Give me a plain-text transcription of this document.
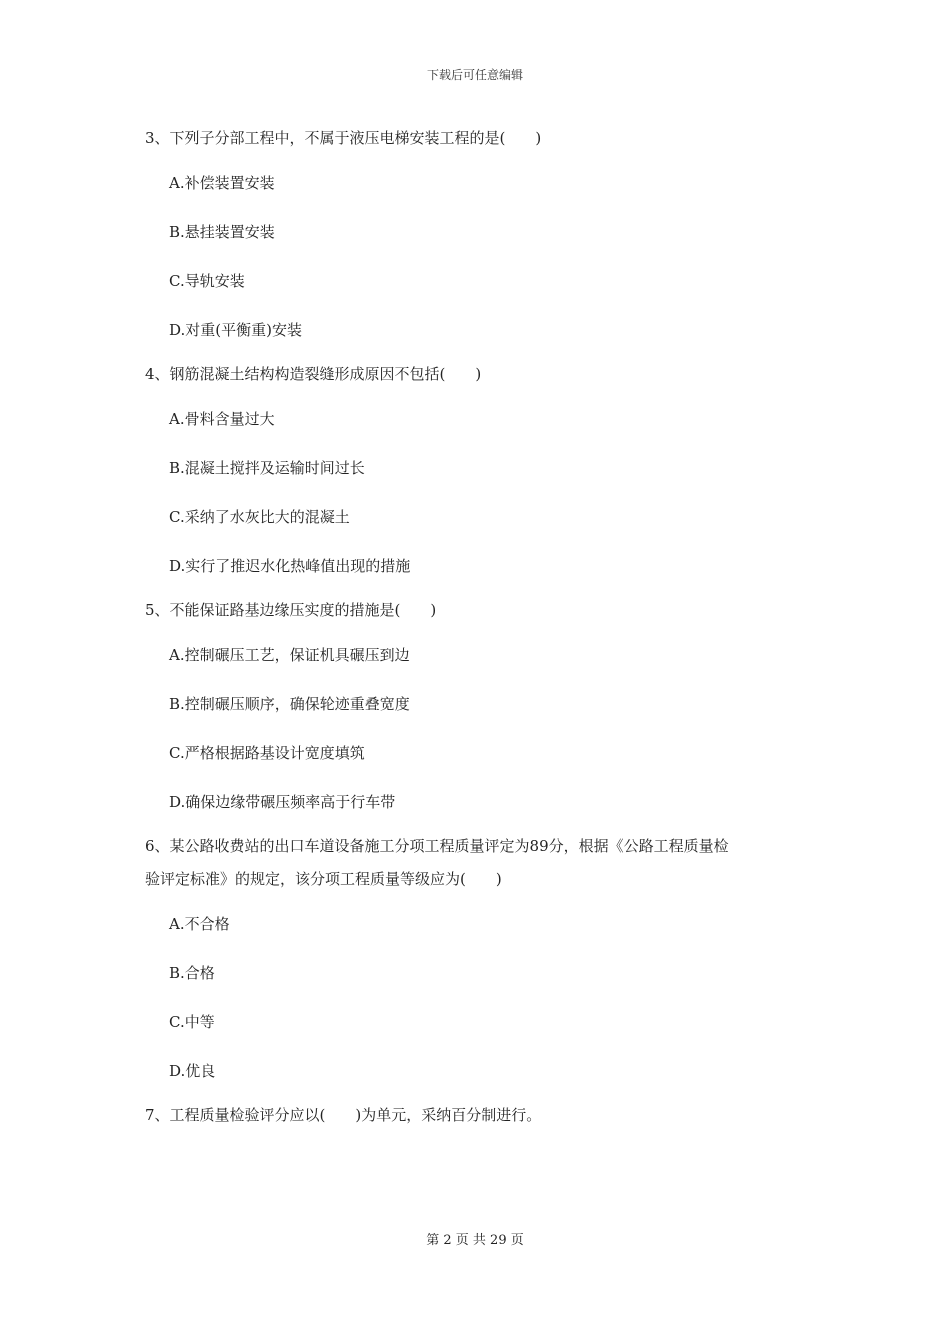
下载后可任意编辑

3、下列子分部工程中，不属于液压电梯安装工程的是(　　)

A.补偿装置安装

B.悬挂装置安装

C.导轨安装

D.对重(平衡重)安装

4、钢筋混凝土结构构造裂缝形成原因不包括(　　)

A.骨料含量过大

B.混凝土搅拌及运输时间过长

C.采纳了水灰比大的混凝土

D.实行了推迟水化热峰值出现的措施

5、不能保证路基边缘压实度的措施是(　　)

A.控制碾压工艺，保证机具碾压到边

B.控制碾压顺序，确保轮迹重叠宽度

C.严格根据路基设计宽度填筑

D.确保边缘带碾压频率高于行车带

6、某公路收费站的出口车道设备施工分项工程质量评定为89分，根据《公路工程质量检

验评定标准》的规定，该分项工程质量等级应为(　　)

A.不合格

B.合格

C.中等

D.优良

7、工程质量检验评分应以(　　)为单元，采纳百分制进行。

第 2 页 共 29 页
